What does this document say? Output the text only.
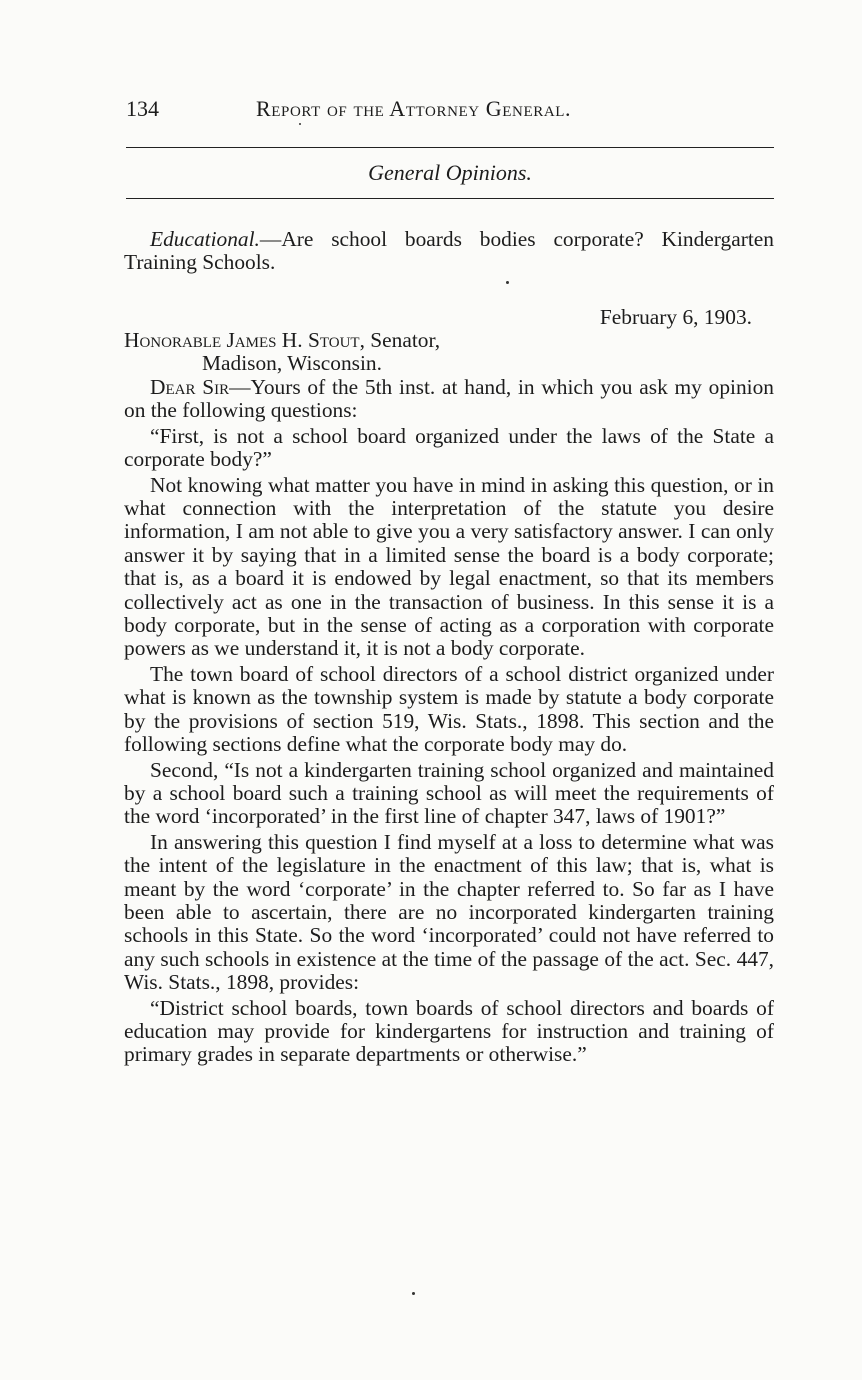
134	Report of the Attorney General.
General Opinions.

Educational.—Are school boards bodies corporate? Kindergarten Training Schools.

February 6, 1903.
Honorable James H. Stout, Senator,
Madison, Wisconsin.

Dear Sir—Yours of the 5th inst. at hand, in which you ask my opinion on the following questions:

“First, is not a school board organized under the laws of the State a corporate body?”

Not knowing what matter you have in mind in asking this question, or in what connection with the interpretation of the statute you desire information, I am not able to give you a very satisfactory answer. I can only answer it by saying that in a limited sense the board is a body corporate; that is, as a board it is endowed by legal enactment, so that its members collectively act as one in the transaction of business. In this sense it is a body corporate, but in the sense of acting as a corporation with corporate powers as we understand it, it is not a body corporate.

The town board of school directors of a school district organized under what is known as the township system is made by statute a body corporate by the provisions of section 519, Wis. Stats., 1898. This section and the following sections define what the corporate body may do.

Second, “Is not a kindergarten training school organized and maintained by a school board such a training school as will meet the requirements of the word ‘incorporated’ in the first line of chapter 347, laws of 1901?”

In answering this question I find myself at a loss to determine what was the intent of the legislature in the enactment of this law; that is, what is meant by the word ‘corporate’ in the chapter referred to. So far as I have been able to ascertain, there are no incorporated kindergarten training schools in this State. So the word ‘incorporated’ could not have referred to any such schools in existence at the time of the passage of the act. Sec. 447, Wis. Stats., 1898, provides:

“District school boards, town boards of school directors and boards of education may provide for kindergartens for instruction and training of primary grades in separate departments or otherwise.”
